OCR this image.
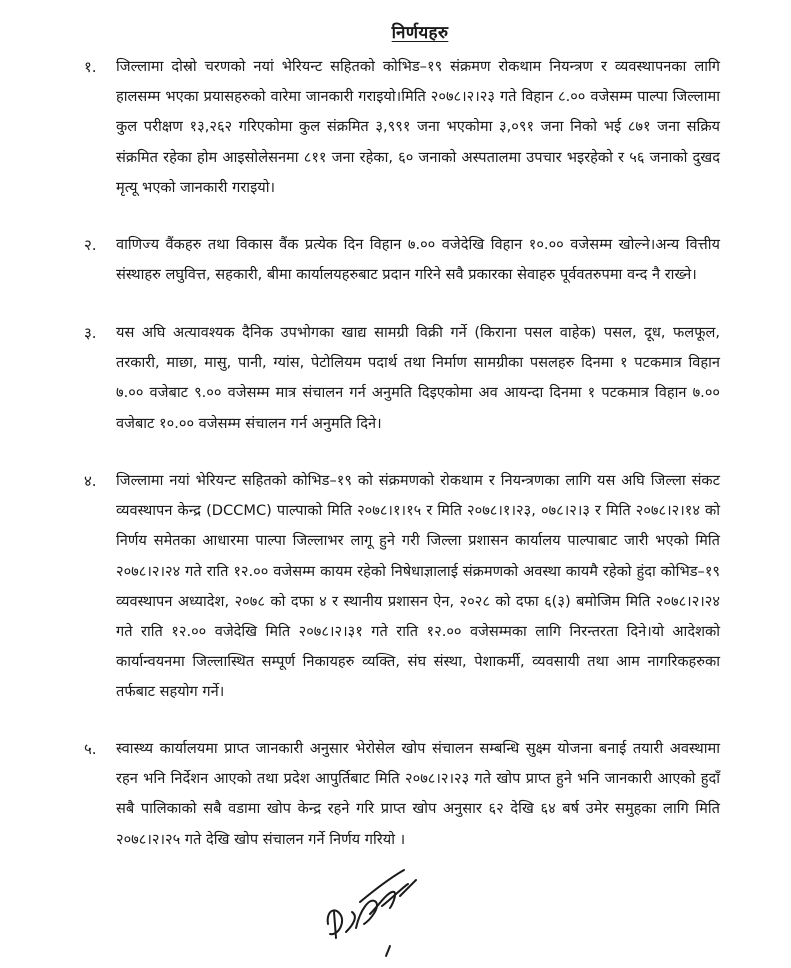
निर्णयहरु
१.	जिल्लामा दोस्रो चरणको नयां भेरियन्ट सहितको कोभिड–१९ संक्रमण रोकथाम नियन्त्रण र व्यवस्थापनका लागि हालसम्म भएका प्रयासहरुको वारेमा जानकारी गराइयो।मिति २०७८।२।२३ गते विहान ८.०० वजेसम्म पाल्पा जिल्लामा कुल परीक्षण १३,२६२ गरिएकोमा कुल संक्रमित ३,९९१ जना भएकोमा ३,०९१ जना निको भई ८७१ जना सक्रिय संक्रमित रहेका होम आइसोलेसनमा ८११ जना रहेका, ६० जनाको अस्पतालमा उपचार भइरहेको र ५६ जनाको दुखद मृत्यू भएको जानकारी गराइयो।
२.	वाणिज्य वैंकहरु तथा विकास वैंक प्रत्येक दिन विहान ७.०० वजेदेखि विहान १०.०० वजेसम्म खोल्ने।अन्य वित्तीय संस्थाहरु लघुवित्त, सहकारी, बीमा कार्यालयहरुबाट प्रदान गरिने सवै प्रकारका सेवाहरु पूर्ववतरुपमा वन्द नै राख्ने।
३.	यस अघि अत्यावश्यक दैनिक उपभोगका खाद्य सामग्री विक्री गर्ने (किराना पसल वाहेक) पसल, दूध, फलफूल, तरकारी, माछा, मासु, पानी, ग्यांस, पेटोलियम पदार्थ तथा निर्माण सामग्रीका पसलहरु दिनमा १ पटकमात्र विहान ७.०० वजेबाट ९.०० वजेसम्म मात्र संचालन गर्न अनुमति दिइएकोमा अव आयन्दा दिनमा १ पटकमात्र विहान ७.०० वजेबाट १०.०० वजेसम्म संचालन गर्न अनुमति दिने।
४.	जिल्लामा नयां भेरियन्ट सहितको कोभिड–१९ को संक्रमणको रोकथाम र नियन्त्रणका लागि यस अघि जिल्ला संकट व्यवस्थापन केन्द्र (DCCMC) पाल्पाको मिति २०७८।१।१५ र मिति २०७८।१।२३, ०७८।२।३ र मिति २०७८।२।१४ को निर्णय समेतका आधारमा पाल्पा जिल्लाभर लागू हुने गरी जिल्ला प्रशासन कार्यालय पाल्पाबाट जारी भएको मिति २०७८।२।२४ गते राति १२.०० वजेसम्म कायम रहेको निषेधाज्ञालाई संक्रमणको अवस्था कायमै रहेको हुंदा कोभिड–१९ व्यवस्थापन अध्यादेश, २०७८ को दफा ४ र स्थानीय प्रशासन ऐन, २०२८ को दफा ६(३) बमोजिम मिति २०७८।२।२४ गते राति १२.०० वजेदेखि मिति २०७८।२।३१ गते राति १२.०० वजेसम्मका लागि निरन्तरता दिने।यो आदेशको कार्यान्वयनमा जिल्लास्थित सम्पूर्ण निकायहरु व्यक्ति, संघ संस्था, पेशाकर्मी, व्यवसायी तथा आम नागरिकहरुका तर्फबाट सहयोग गर्ने।
५.	स्वास्थ्य कार्यालयमा प्राप्त जानकारी अनुसार भेरोसेल खोप संचालन सम्बन्धि सुक्ष्म योजना बनाई तयारी अवस्थामा रहन भनि निर्देशन आएको तथा प्रदेश आपुर्तिबाट मिति २०७८।२।२३ गते खोप प्राप्त हुने भनि जानकारी आएको हुदाँ सबै पालिकाको सबै वडामा खोप केन्द्र रहने गरि प्राप्त खोप अनुसार ६२ देखि ६४ बर्ष उमेर समुहका लागि मिति २०७८।२।२५ गते देखि खोप संचालन गर्ने निर्णय गरियो ।
